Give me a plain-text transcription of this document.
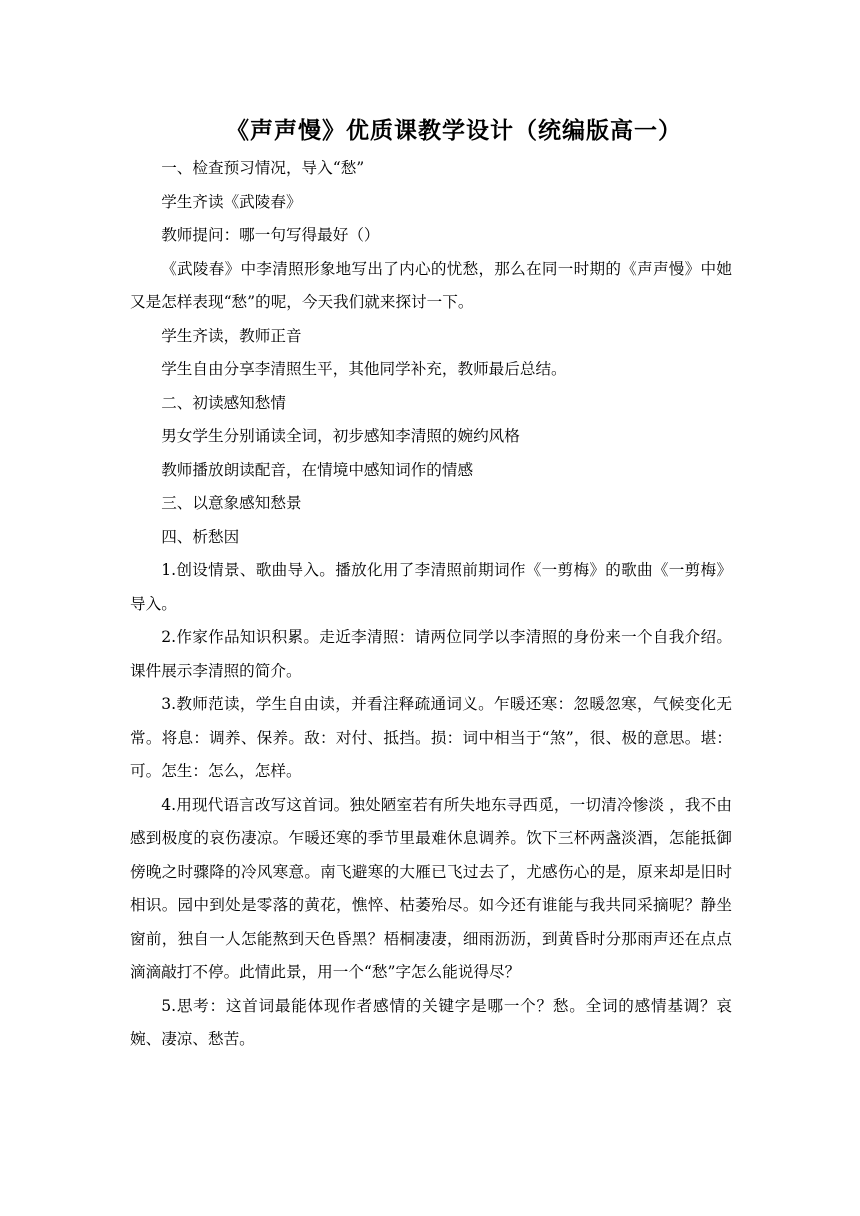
《声声慢》优质课教学设计（统编版高一）

一、检查预习情况，导入“愁”

学生齐读《武陵春》

教师提问：哪一句写得最好（）

《武陵春》中李清照形象地写出了内心的忧愁，那么在同一时期的《声声慢》中她又是怎样表现“愁”的呢，今天我们就来探讨一下。

学生齐读，教师正音

学生自由分享李清照生平，其他同学补充，教师最后总结。

二、初读感知愁情

男女学生分别诵读全词，初步感知李清照的婉约风格

教师播放朗读配音，在情境中感知词作的情感

三、以意象感知愁景

四、析愁因

1.创设情景、歌曲导入。播放化用了李清照前期词作《一剪梅》的歌曲《一剪梅》导入。

2.作家作品知识积累。走近李清照：请两位同学以李清照的身份来一个自我介绍。课件展示李清照的简介。

3.教师范读，学生自由读，并看注释疏通词义。乍暖还寒：忽暖忽寒，气候变化无常。将息：调养、保养。敌：对付、抵挡。损：词中相当于“煞”，很、极的意思。堪：可。怎生：怎么，怎样。

4.用现代语言改写这首词。独处陋室若有所失地东寻西觅，一切清冷惨淡 ，我不由感到极度的哀伤凄凉。乍暖还寒的季节里最难休息调养。饮下三杯两盏淡酒，怎能抵御傍晚之时骤降的冷风寒意。南飞避寒的大雁已飞过去了，尤感伤心的是，原来却是旧时相识。园中到处是零落的黄花，憔悴、枯萎殆尽。如今还有谁能与我共同采摘呢？静坐窗前，独自一人怎能熬到天色昏黑？梧桐凄凄，细雨沥沥，到黄昏时分那雨声还在点点滴滴敲打不停。此情此景，用一个“愁”字怎么能说得尽？

5.思考：这首词最能体现作者感情的关键字是哪一个？愁。全词的感情基调？哀婉、凄凉、愁苦。
